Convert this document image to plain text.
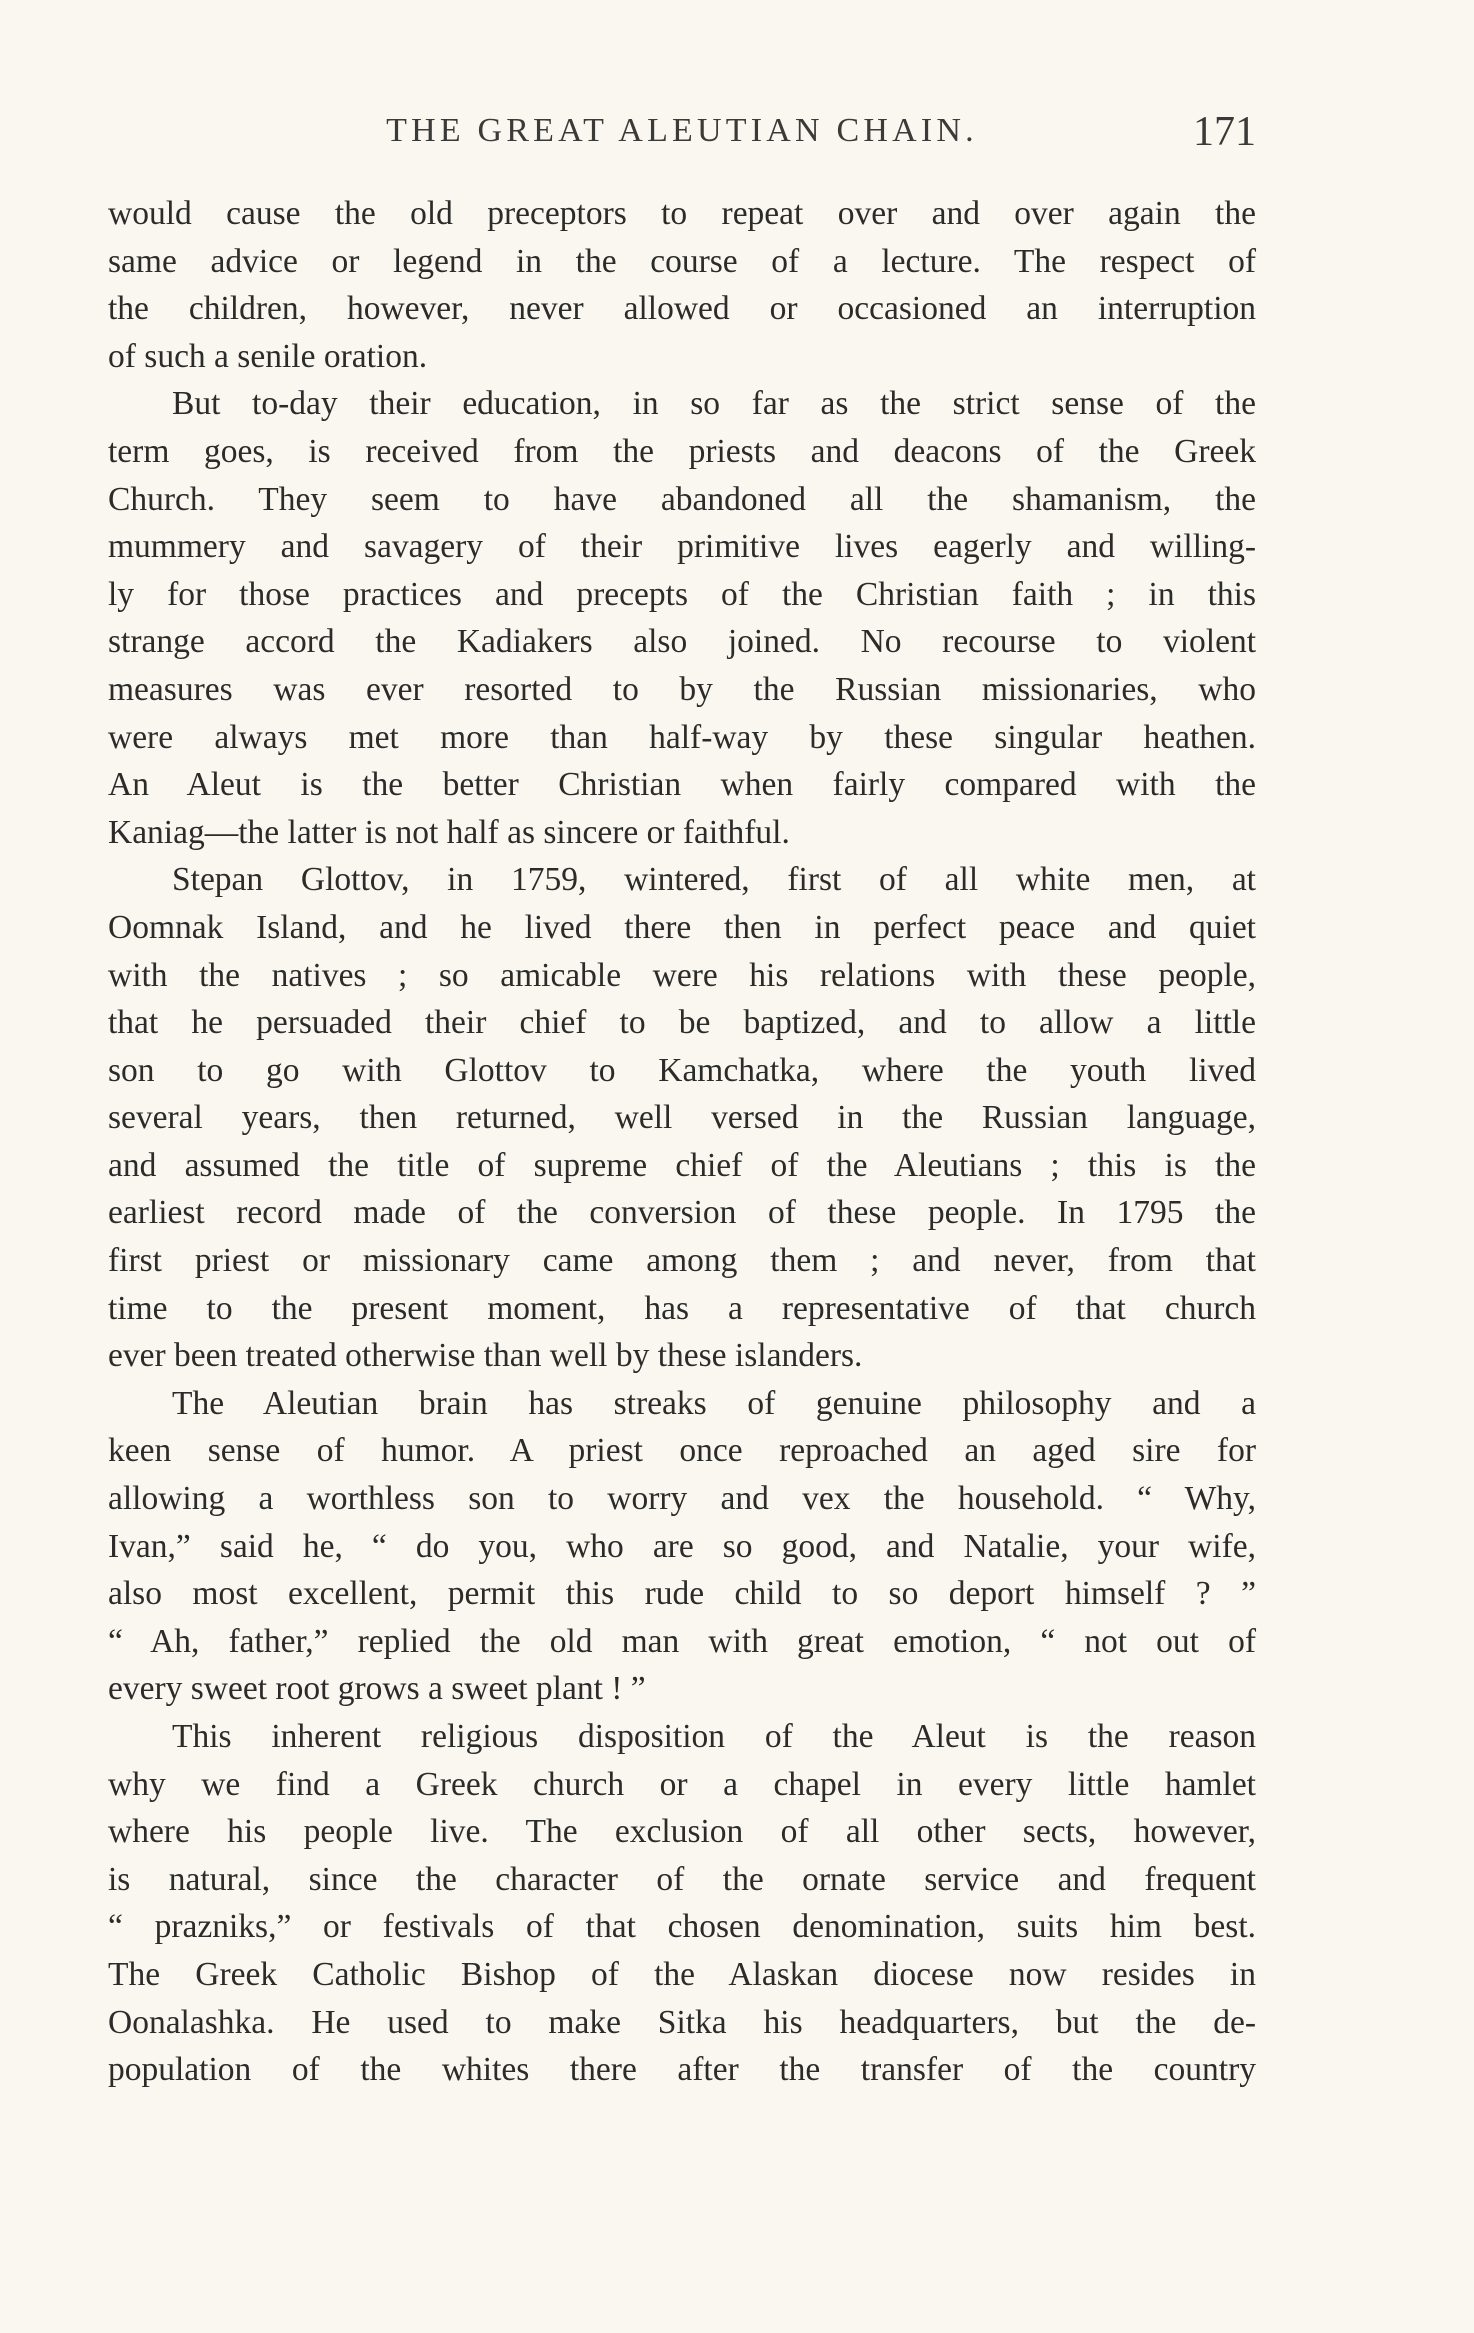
THE GREAT ALEUTIAN CHAIN.	171
would cause the old preceptors to repeat over and over again the
same advice or legend in the course of a lecture. The respect of
the children, however, never allowed or occasioned an interruption
of such a senile oration.
But to-day their education, in so far as the strict sense of the
term goes, is received from the priests and deacons of the Greek
Church. They seem to have abandoned all the shamanism, the
mummery and savagery of their primitive lives eagerly and willing-
ly for those practices and precepts of the Christian faith ; in this
strange accord the Kadiakers also joined. No recourse to violent
measures was ever resorted to by the Russian missionaries, who
were always met more than half-way by these singular heathen.
An Aleut is the better Christian when fairly compared with the
Kaniag—the latter is not half as sincere or faithful.
Stepan Glottov, in 1759, wintered, first of all white men, at
Oomnak Island, and he lived there then in perfect peace and quiet
with the natives ; so amicable were his relations with these people,
that he persuaded their chief to be baptized, and to allow a little
son to go with Glottov to Kamchatka, where the youth lived
several years, then returned, well versed in the Russian language,
and assumed the title of supreme chief of the Aleutians ; this is the
earliest record made of the conversion of these people. In 1795 the
first priest or missionary came among them ; and never, from that
time to the present moment, has a representative of that church
ever been treated otherwise than well by these islanders.
The Aleutian brain has streaks of genuine philosophy and a
keen sense of humor. A priest once reproached an aged sire for
allowing a worthless son to worry and vex the household. “ Why,
Ivan,” said he, “ do you, who are so good, and Natalie, your wife,
also most excellent, permit this rude child to so deport himself ? ”
“ Ah, father,” replied the old man with great emotion, “ not out of
every sweet root grows a sweet plant ! ”
This inherent religious disposition of the Aleut is the reason
why we find a Greek church or a chapel in every little hamlet
where his people live. The exclusion of all other sects, however,
is natural, since the character of the ornate service and frequent
“ prazniks,” or festivals of that chosen denomination, suits him best.
The Greek Catholic Bishop of the Alaskan diocese now resides in
Oonalashka. He used to make Sitka his headquarters, but the de-
population of the whites there after the transfer of the country
